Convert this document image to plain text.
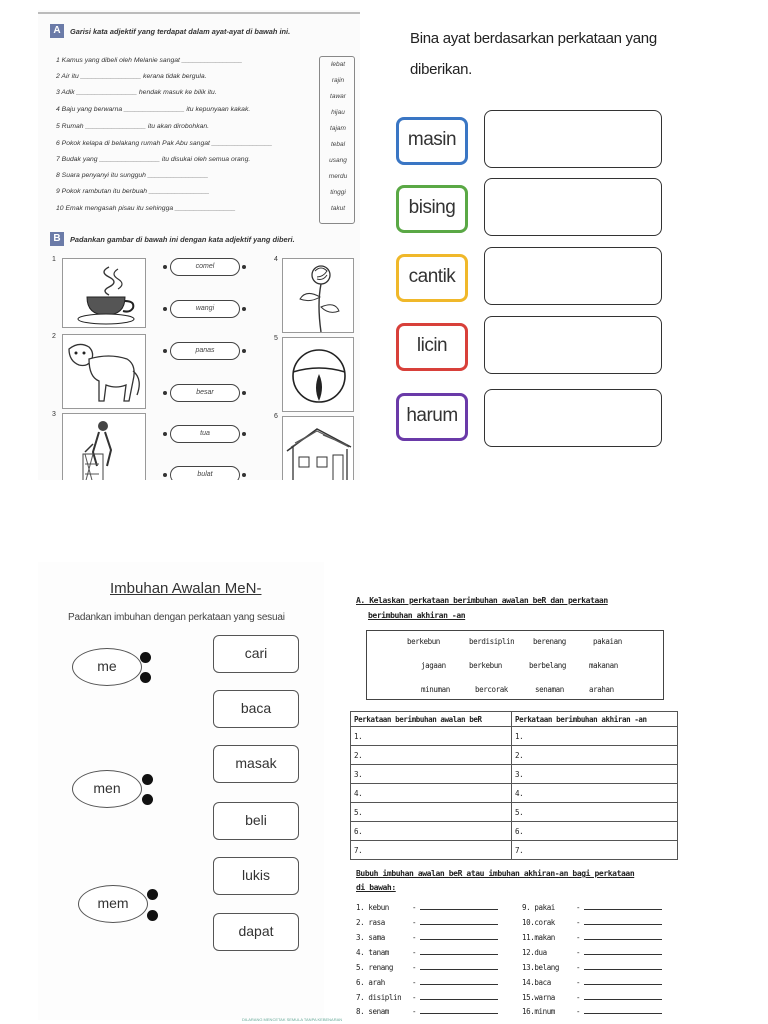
A	Garisi kata adjektif yang terdapat dalam ayat-ayat di bawah ini.
1 Kamus yang dibeli oleh Melanie sangat ________________
2 Air itu ________________ kerana tidak bergula.
3 Adik ________________ hendak masuk ke bilik itu.
4 Baju yang berwarna ________________ itu kepunyaan kakak.
5 Rumah ________________ itu akan dirobohkan.
6 Pokok kelapa di belakang rumah Pak Abu sangat ________________
7 Budak yang ________________ itu disukai oleh semua orang.
8 Suara penyanyi itu sungguh ________________
9 Pokok rambutan itu berbuah ________________
10 Emak mengasah pisau itu sehingga ________________
lebat
rajin
tawar
hijau
tajam
tebal
usang
merdu
tinggi
takut
B	Padankan gambar di bawah ini dengan kata adjektif yang diberi.
1
2
3
4
5
6
comel
wangi
panas
besar
tua
bulat
Bina ayat berdasarkan perkataan yang
diberikan.
masin
bising
cantik
licin
harum
Imbuhan Awalan MeN-
Padankan imbuhan dengan perkataan yang sesuai
me
men
mem
cari
baca
masak
beli
lukis
dapat
A. Kelaskan perkataan berimbuhan awalan beR dan perkataan
berimbuhan akhiran -an
berkebun	berdisiplin berenang	pakaian
jagaan	berkebun	berbelang	makanan
minuman	bercorak	senaman	arahan
Perkataan berimbuhan awalan beR	Perkataan berimbuhan akhiran -an
1.	1.
2.	2.
3.	3.
4.	4.
5.	5.
6.	6.
7.	7.
Bubuh imbuhan awalan beR atau imbuhan akhiran-an bagi perkataan
di bawah:
1. kebun	-
2. rasa	-
3. sama	-
4. tanam	-
5. renang	-
6. arah	-
7. disiplin -
8. senam	-
9. pakai	-
10.corak	-
11.makan	-
12.dua	-
13.belang -
14.baca	-
15.warna	-
16.minum	-
DILARANG MENCETAK SEMULA TANPA KEBENARAN
